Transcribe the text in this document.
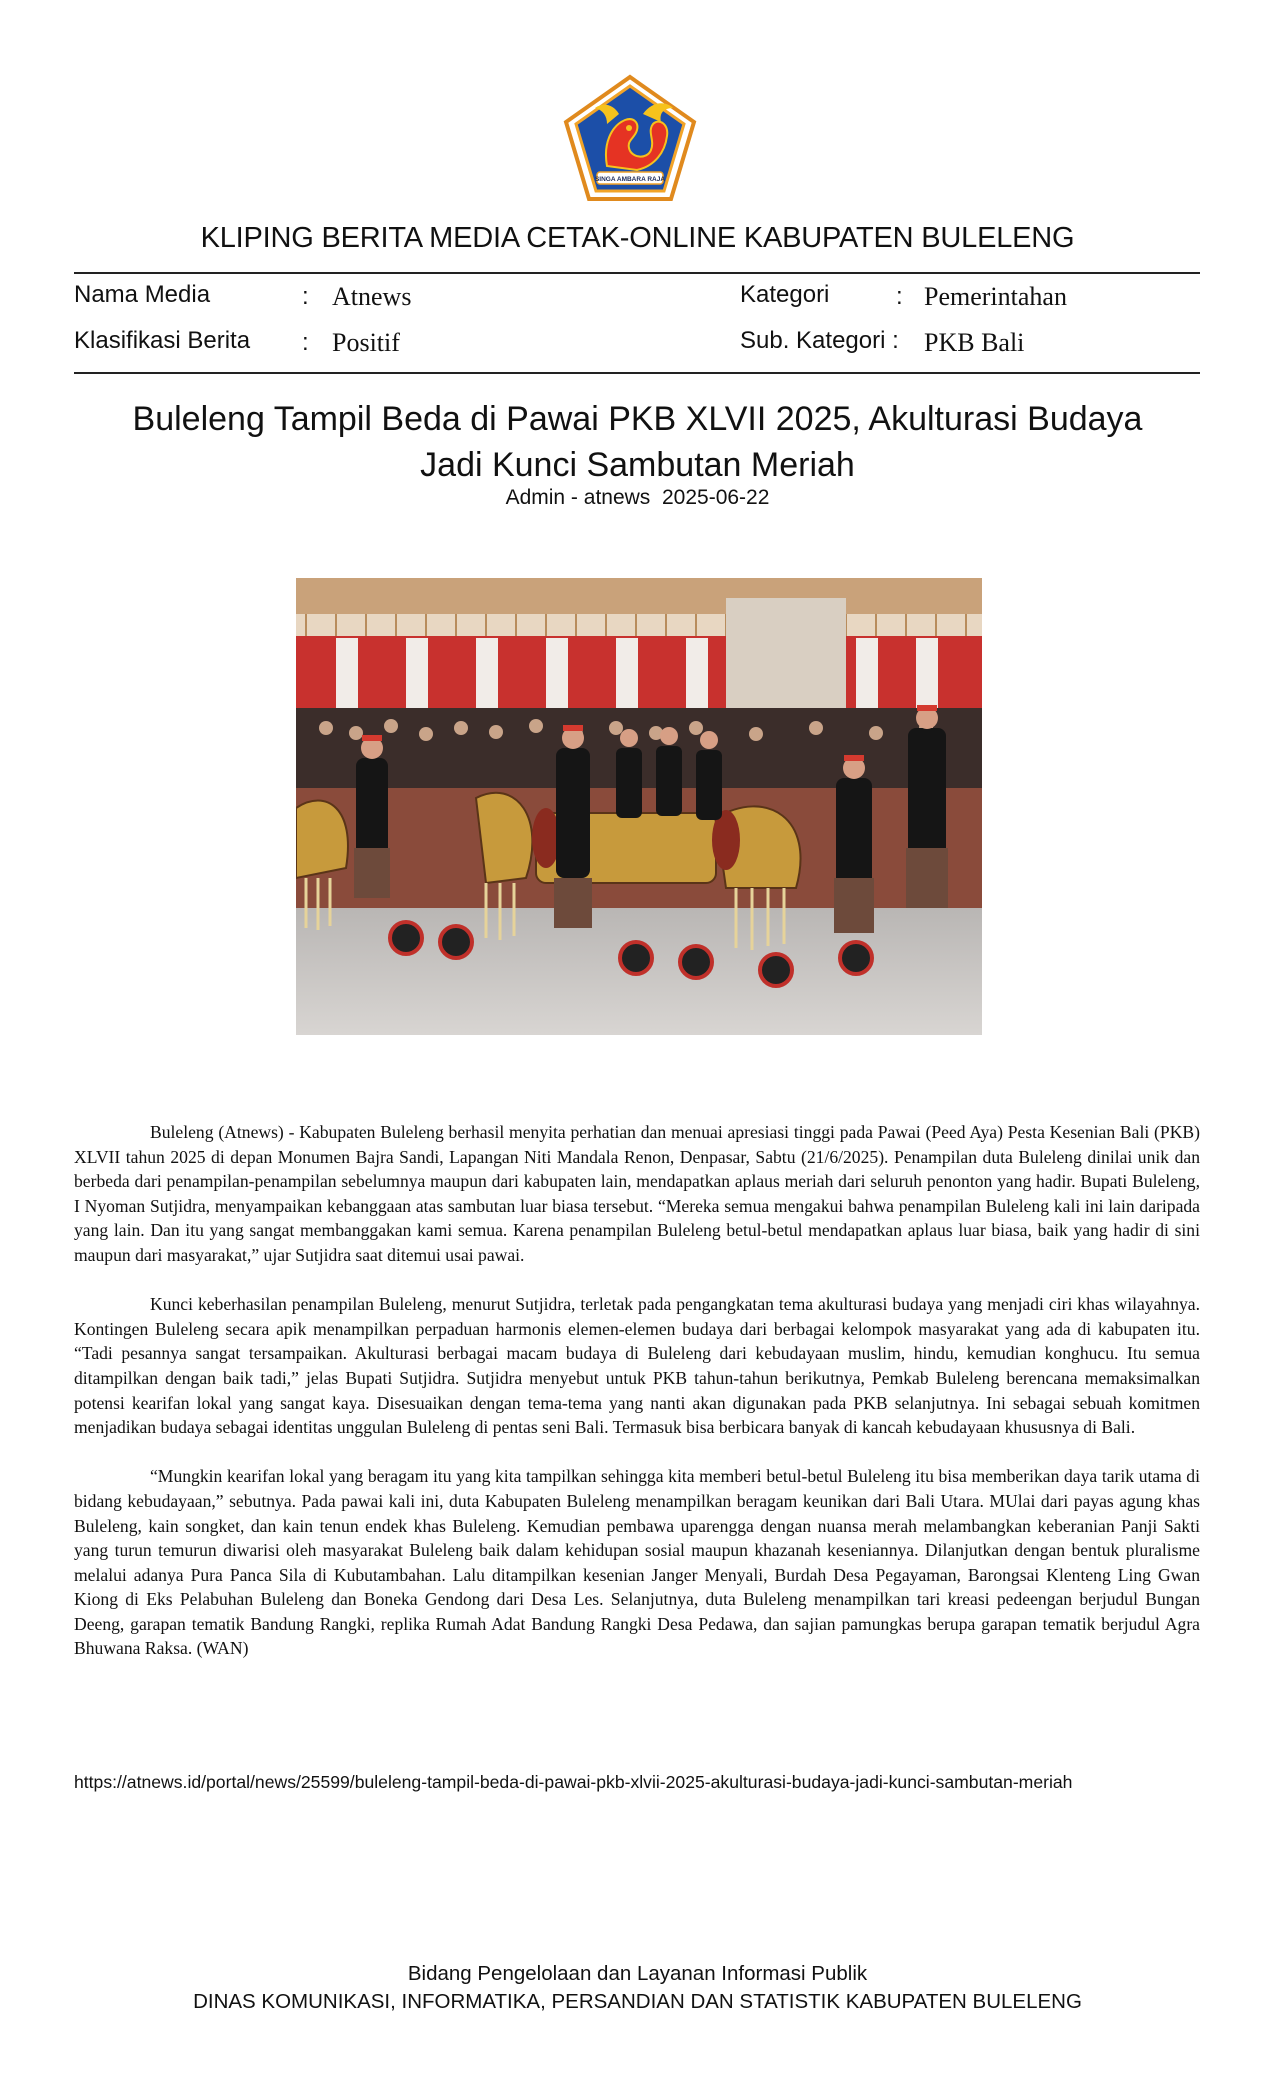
SINGA AMBARA RAJA
KLIPING BERITA MEDIA CETAK-ONLINE KABUPATEN BULELENG
Nama Media	: Atnews
Klasifikasi Berita : Positif
Kategori	: Pemerintahan
Sub. Kategori : PKB Bali
Buleleng Tampil Beda di Pawai PKB XLVII 2025, Akulturasi Budaya
Jadi Kunci Sambutan Meriah
Admin - atnews 2025-06-22

Buleleng (Atnews) - Kabupaten Buleleng berhasil menyita perhatian dan menuai apresiasi tinggi pada Pawai (Peed Aya) Pesta Kesenian Bali (PKB) XLVII tahun 2025 di depan Monumen Bajra Sandi, Lapangan Niti Mandala Renon, Denpasar, Sabtu (21/6/2025). Penampilan duta Buleleng dinilai unik dan berbeda dari penampilan-penampilan sebelumnya maupun dari kabupaten lain, mendapatkan aplaus meriah dari seluruh penonton yang hadir. Bupati Buleleng, I Nyoman Sutjidra, menyampaikan kebanggaan atas sambutan luar biasa tersebut. “Mereka semua mengakui bahwa penampilan Buleleng kali ini lain daripada yang lain. Dan itu yang sangat membanggakan kami semua. Karena penampilan Buleleng betul-betul mendapatkan aplaus luar biasa, baik yang hadir di sini maupun dari masyarakat,” ujar Sutjidra saat ditemui usai pawai.

Kunci keberhasilan penampilan Buleleng, menurut Sutjidra, terletak pada pengangkatan tema akulturasi budaya yang menjadi ciri khas wilayahnya. Kontingen Buleleng secara apik menampilkan perpaduan harmonis elemen-elemen budaya dari berbagai kelompok masyarakat yang ada di kabupaten itu. “Tadi pesannya sangat tersampaikan. Akulturasi berbagai macam budaya di Buleleng dari kebudayaan muslim, hindu, kemudian konghucu. Itu semua ditampilkan dengan baik tadi,” jelas Bupati Sutjidra. Sutjidra menyebut untuk PKB tahun-tahun berikutnya, Pemkab Buleleng berencana memaksimalkan potensi kearifan lokal yang sangat kaya. Disesuaikan dengan tema-tema yang nanti akan digunakan pada PKB selanjutnya. Ini sebagai sebuah komitmen menjadikan budaya sebagai identitas unggulan Buleleng di pentas seni Bali. Termasuk bisa berbicara banyak di kancah kebudayaan khususnya di Bali.

“Mungkin kearifan lokal yang beragam itu yang kita tampilkan sehingga kita memberi betul-betul Buleleng itu bisa memberikan daya tarik utama di bidang kebudayaan,” sebutnya. Pada pawai kali ini, duta Kabupaten Buleleng menampilkan beragam keunikan dari Bali Utara. MUlai dari payas agung khas Buleleng, kain songket, dan kain tenun endek khas Buleleng. Kemudian pembawa uparengga dengan nuansa merah melambangkan keberanian Panji Sakti yang turun temurun diwarisi oleh masyarakat Buleleng baik dalam kehidupan sosial maupun khazanah keseniannya. Dilanjutkan dengan bentuk pluralisme melalui adanya Pura Panca Sila di Kubutambahan. Lalu ditampilkan kesenian Janger Menyali, Burdah Desa Pegayaman, Barongsai Klenteng Ling Gwan Kiong di Eks Pelabuhan Buleleng dan Boneka Gendong dari Desa Les. Selanjutnya, duta Buleleng menampilkan tari kreasi pedeengan berjudul Bungan Deeng, garapan tematik Bandung Rangki, replika Rumah Adat Bandung Rangki Desa Pedawa, dan sajian pamungkas berupa garapan tematik berjudul Agra Bhuwana Raksa. (WAN)

https://atnews.id/portal/news/25599/buleleng-tampil-beda-di-pawai-pkb-xlvii-2025-akulturasi-budaya-jadi-kunci-sambutan-meriah
Bidang Pengelolaan dan Layanan Informasi Publik
DINAS KOMUNIKASI, INFORMATIKA, PERSANDIAN DAN STATISTIK KABUPATEN BULELENG
